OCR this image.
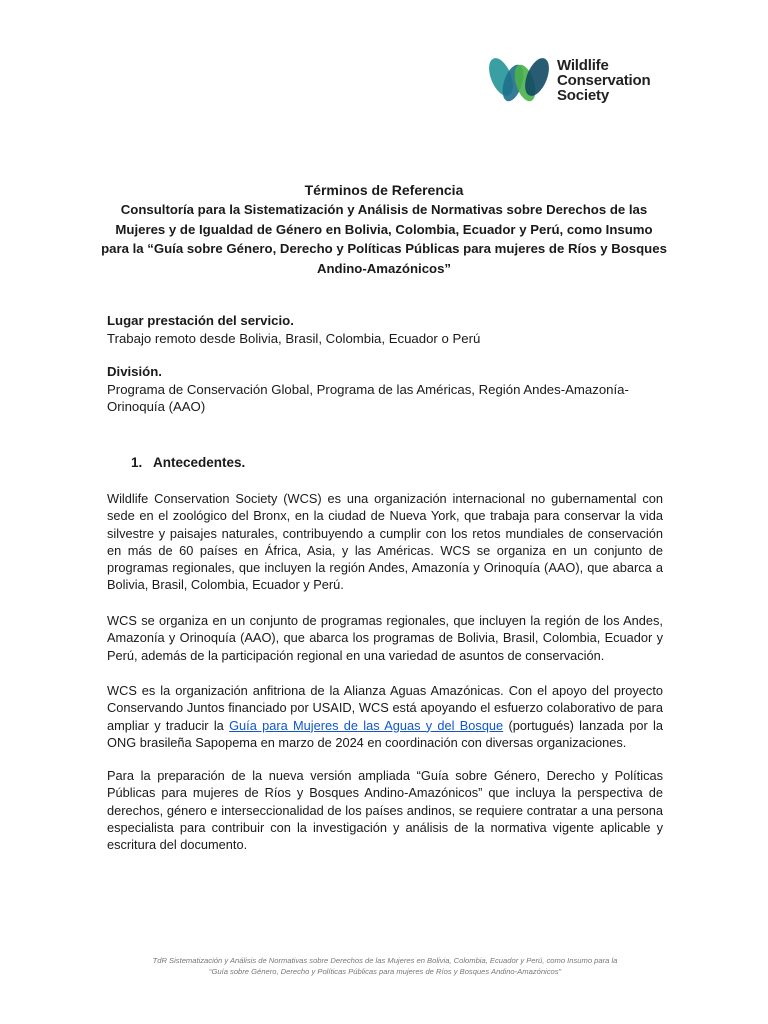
Wildlife
Conservation
Society

Términos de Referencia

Consultoría para la Sistematización y Análisis de Normativas sobre Derechos de las

Mujeres y de Igualdad de Género en Bolivia, Colombia, Ecuador y Perú, como Insumo

para la “Guía sobre Género, Derecho y Políticas Públicas para mujeres de Ríos y Bosques

Andino-Amazónicos”

Lugar prestación del servicio.
Trabajo remoto desde Bolivia, Brasil, Colombia, Ecuador o Perú
División.
Programa de Conservación Global, Programa de las Américas, Región Andes-Amazonía-
Orinoquía (AAO)
1. Antecedentes.

Wildlife Conservation Society (WCS) es una organización internacional no gubernamental con sede en el zoológico del Bronx, en la ciudad de Nueva York, que trabaja para conservar la vida silvestre y paisajes naturales, contribuyendo a cumplir con los retos mundiales de conservación en más de 60 países en África, Asia, y las Américas. WCS se organiza en un conjunto de programas regionales, que incluyen la región Andes, Amazonía y Orinoquía (AAO), que abarca a Bolivia, Brasil, Colombia, Ecuador y Perú.

WCS se organiza en un conjunto de programas regionales, que incluyen la región de los Andes, Amazonía y Orinoquía (AAO), que abarca los programas de Bolivia, Brasil, Colombia, Ecuador y Perú, además de la participación regional en una variedad de asuntos de conservación.

WCS es la organización anfitriona de la Alianza Aguas Amazónicas. Con el apoyo del proyecto Conservando Juntos financiado por USAID, WCS está apoyando el esfuerzo colaborativo de para ampliar y traducir la Guía para Mujeres de las Aguas y del Bosque (portugués) lanzada por la ONG brasileña Sapopema en marzo de 2024 en coordinación con diversas organizaciones.

Para la preparación de la nueva versión ampliada “Guía sobre Género, Derecho y Políticas Públicas para mujeres de Ríos y Bosques Andino-Amazónicos” que incluya la perspectiva de derechos, género e interseccionalidad de los países andinos, se requiere contratar a una persona especialista para contribuir con la investigación y análisis de la normativa vigente aplicable y escritura del documento.

TdR Sistematización y Análisis de Normativas sobre Derechos de las Mujeres en Bolivia, Colombia, Ecuador y Perú, como Insumo para la
“Guía sobre Género, Derecho y Políticas Públicas para mujeres de Ríos y Bosques Andino-Amazónicos”
